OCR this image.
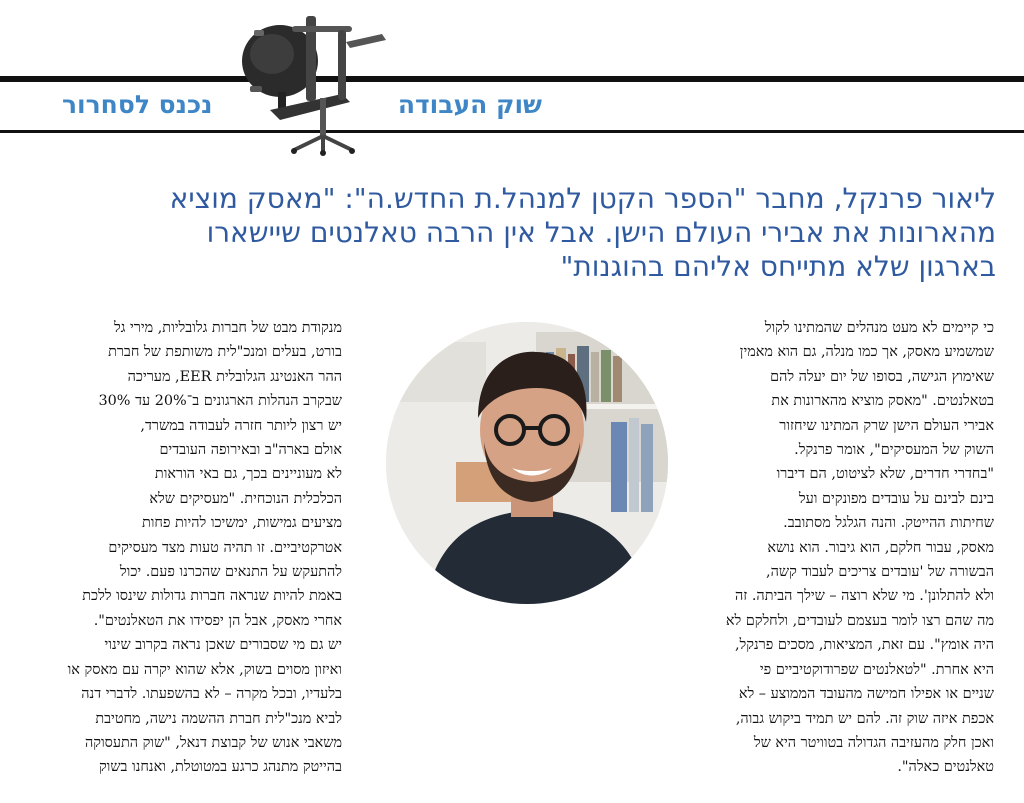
שוק העבודה
נכנס לסחרור
ליאור פרנקל, מחבר "הספר הקטן למנהל.ת החדש.ה": "מאסק מוציא
מהארונות את אבירי העולם הישן. אבל אין הרבה טאלנטים שיישארו
בארגון שלא מתייחס אליהם בהוגנות"
כי קיימים לא מעט מנהלים שהמתינו לקול
שמשמיע מאסק, אך כמו מנלה, גם הוא מאמין
שאימוץ הגישה, בסופו של יום יעלה להם
בטאלנטים. "מאסק מוציא מהארונות את
אבירי העולם הישן שרק המתינו שיחזור
השוק של המעסיקים", אומר פרנקל.
"בחדרי חדרים, שלא לציטוט, הם דיברו
בינם לבינם על עובדים מפונקים ועל
שחיתות ההייטק. והנה הגלגל מסתובב.
מאסק, עבור חלקם, הוא גיבור. הוא נושא
הבשורה של 'עובדים צריכים לעבוד קשה,
ולא להתלונן'. מי שלא רוצה – שילך הביתה. זה
מה שהם רצו לומר בעצמם לעובדים, ולחלקם לא
היה אומץ". עם זאת, המציאות, מסכים פרנקל,
היא אחרת. "לטאלנטים שפרודוקטיביים פי
שניים או אפילו חמישה מהעובד הממוצע – לא
אכפת איזה שוק זה. להם יש תמיד ביקוש גבוה,
ואכן חלק מהעזיבה הגדולה בטוויטר היא של
טאלנטים כאלה".
מנקודת מבט של חברות גלובליות, מירי גל
בורט, בעלים ומנכ"לית משותפת של חברת
ההר האנטינג הגלובלית EER, מעריכה
שבקרב הנהלות הארגונים ב־20% עד 30%
יש רצון ליותר חזרה לעבודה במשרד,
אולם בארה"ב ובאירופה העובדים
לא מעוניינים בכך, גם באי הוראות
הכלכלית הנוכחית. "מעסיקים שלא
מציעים גמישות, ימשיכו להיות פחות
אטרקטיביים. זו תהיה טעות מצד מעסיקים
להתעקש על התנאים שהכרנו פעם. יכול
באמת להיות שנראה חברות גדולות שינסו ללכת
אחרי מאסק, אבל הן יפסידו את הטאלנטים".
יש גם מי שסבורים שאכן נראה בקרוב שינוי
ואיזון מסוים בשוק, אלא שהוא יקרה עם מאסק או
בלעדיו, ובכל מקרה – לא בהשפעתו. לדברי דנה
לביא מנכ"לית חברת ההשמה נישה, מחטיבת
משאבי אנוש של קבוצת דנאל, "שוק התעסוקה
בהייטק מתנהג כרגע במטוטלת, ואנחנו בשוק
